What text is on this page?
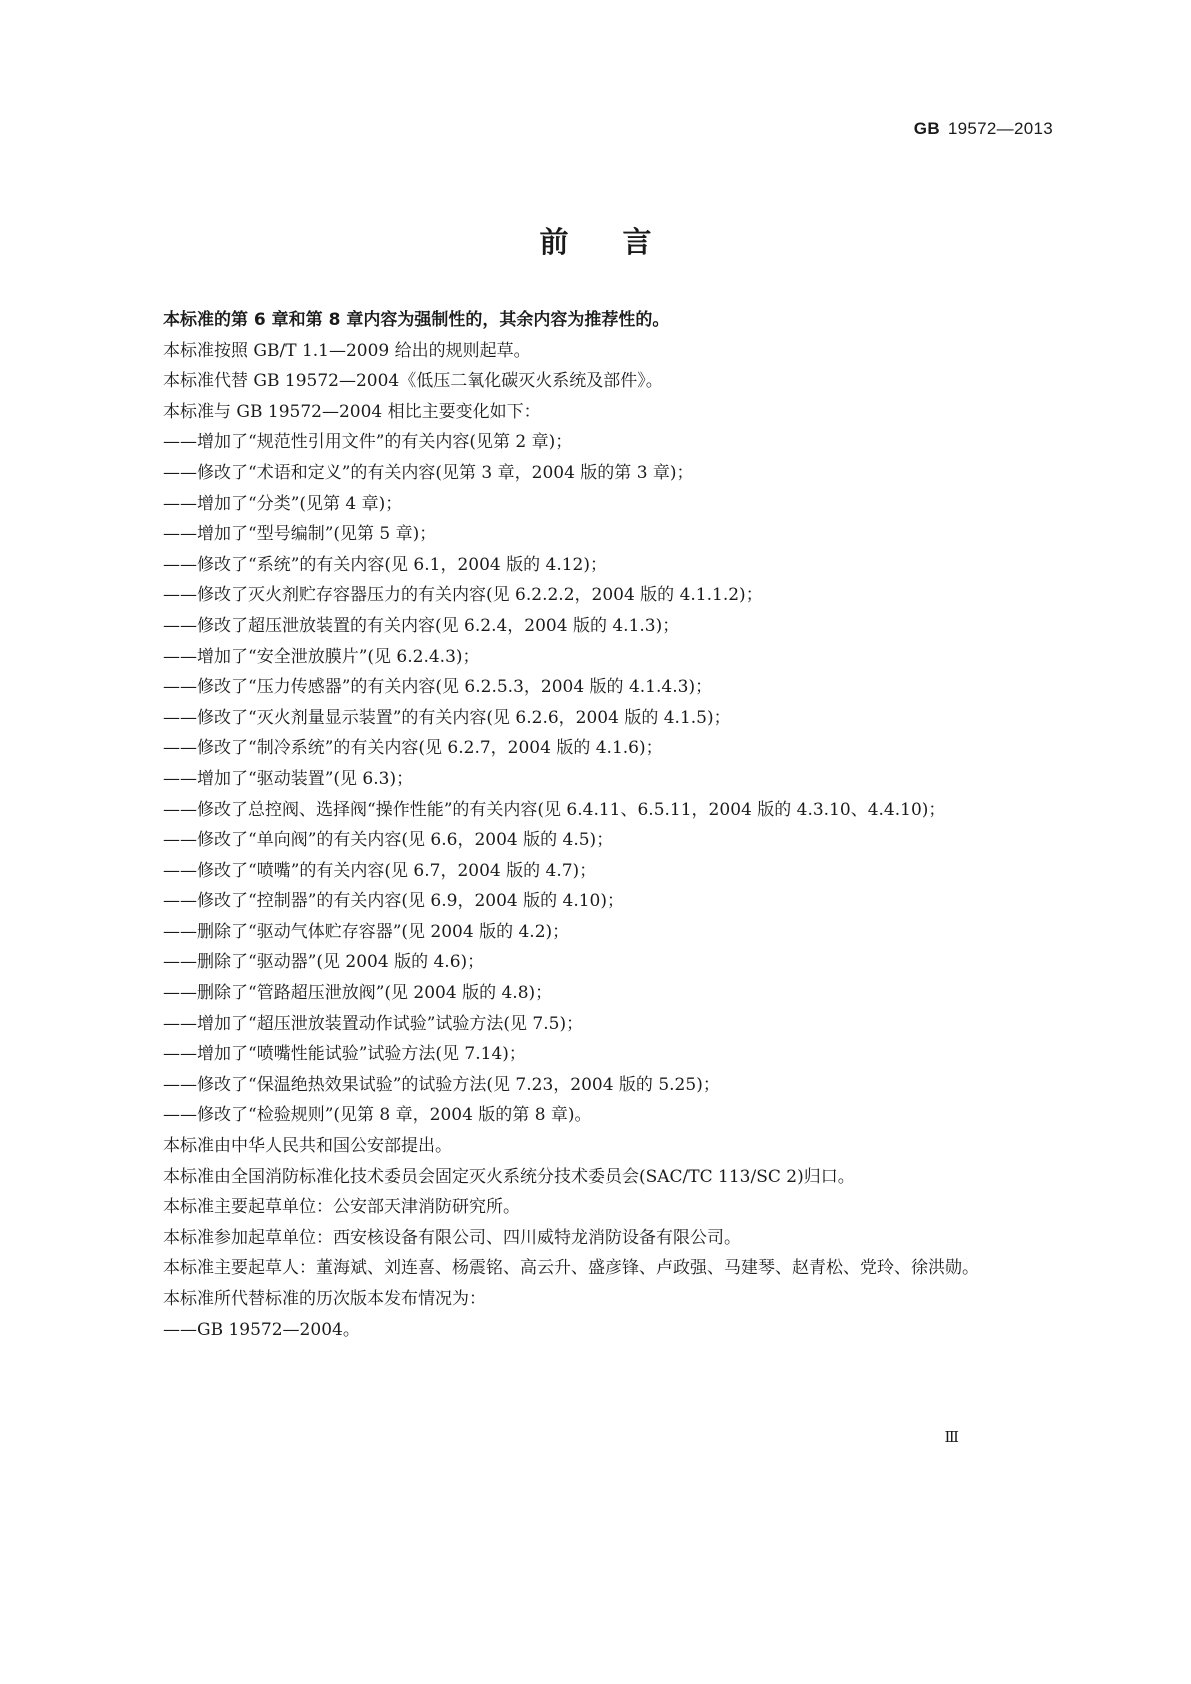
GB 19572—2013
前言

本标准的第 6 章和第 8 章内容为强制性的，其余内容为推荐性的。

本标准按照 GB/T 1.1—2009 给出的规则起草。

本标准代替 GB 19572—2004《低压二氧化碳灭火系统及部件》。

本标准与 GB 19572—2004 相比主要变化如下：

——增加了“规范性引用文件”的有关内容(见第 2 章)；

——修改了“术语和定义”的有关内容(见第 3 章，2004 版的第 3 章)；

——增加了“分类”(见第 4 章)；

——增加了“型号编制”(见第 5 章)；

——修改了“系统”的有关内容(见 6.1，2004 版的 4.12)；

——修改了灭火剂贮存容器压力的有关内容(见 6.2.2.2，2004 版的 4.1.1.2)；

——修改了超压泄放装置的有关内容(见 6.2.4，2004 版的 4.1.3)；

——增加了“安全泄放膜片”(见 6.2.4.3)；

——修改了“压力传感器”的有关内容(见 6.2.5.3，2004 版的 4.1.4.3)；

——修改了“灭火剂量显示装置”的有关内容(见 6.2.6，2004 版的 4.1.5)；

——修改了“制冷系统”的有关内容(见 6.2.7，2004 版的 4.1.6)；

——增加了“驱动装置”(见 6.3)；

——修改了总控阀、选择阀“操作性能”的有关内容(见 6.4.11、6.5.11，2004 版的 4.3.10、4.4.10)；

——修改了“单向阀”的有关内容(见 6.6，2004 版的 4.5)；

——修改了“喷嘴”的有关内容(见 6.7，2004 版的 4.7)；

——修改了“控制器”的有关内容(见 6.9，2004 版的 4.10)；

——删除了“驱动气体贮存容器”(见 2004 版的 4.2)；

——删除了“驱动器”(见 2004 版的 4.6)；

——删除了“管路超压泄放阀”(见 2004 版的 4.8)；

——增加了“超压泄放装置动作试验”试验方法(见 7.5)；

——增加了“喷嘴性能试验”试验方法(见 7.14)；

——修改了“保温绝热效果试验”的试验方法(见 7.23，2004 版的 5.25)；

——修改了“检验规则”(见第 8 章，2004 版的第 8 章)。

本标准由中华人民共和国公安部提出。

本标准由全国消防标准化技术委员会固定灭火系统分技术委员会(SAC/TC 113/SC 2)归口。

本标准主要起草单位：公安部天津消防研究所。

本标准参加起草单位：西安核设备有限公司、四川威特龙消防设备有限公司。

本标准主要起草人：董海斌、刘连喜、杨震铭、高云升、盛彦锋、卢政强、马建琴、赵青松、党玲、徐洪勋。

本标准所代替标准的历次版本发布情况为：

——GB 19572—2004。

Ⅲ
